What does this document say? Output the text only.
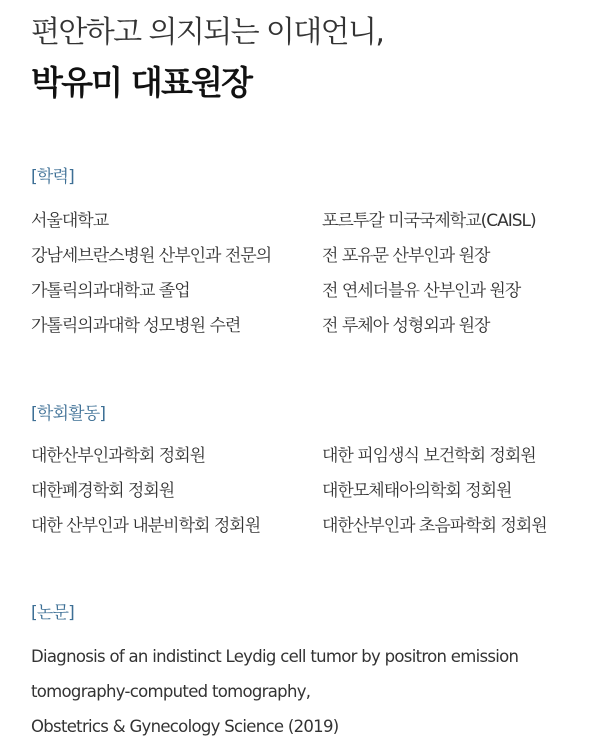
편안하고 의지되는 이대언니,
박유미 대표원장
[학력]
서울대학교	포르투갈 미국국제학교(CAISL)
강남세브란스병원 산부인과 전문의	전 포유문 산부인과 원장
가톨릭의과대학교 졸업	전 연세더블유 산부인과 원장
가톨릭의과대학 성모병원 수련	전 루체아 성형외과 원장
[학회활동]
대한산부인과학회 정회원	대한 피임생식 보건학회 정회원
대한폐경학회 정회원	대한모체태아의학회 정회원
대한 산부인과 내분비학회 정회원	대한산부인과 초음파학회 정회원
[논문]
Diagnosis of an indistinct Leydig cell tumor by positron emission
tomography-computed tomography,
Obstetrics & Gynecology Science (2019)
